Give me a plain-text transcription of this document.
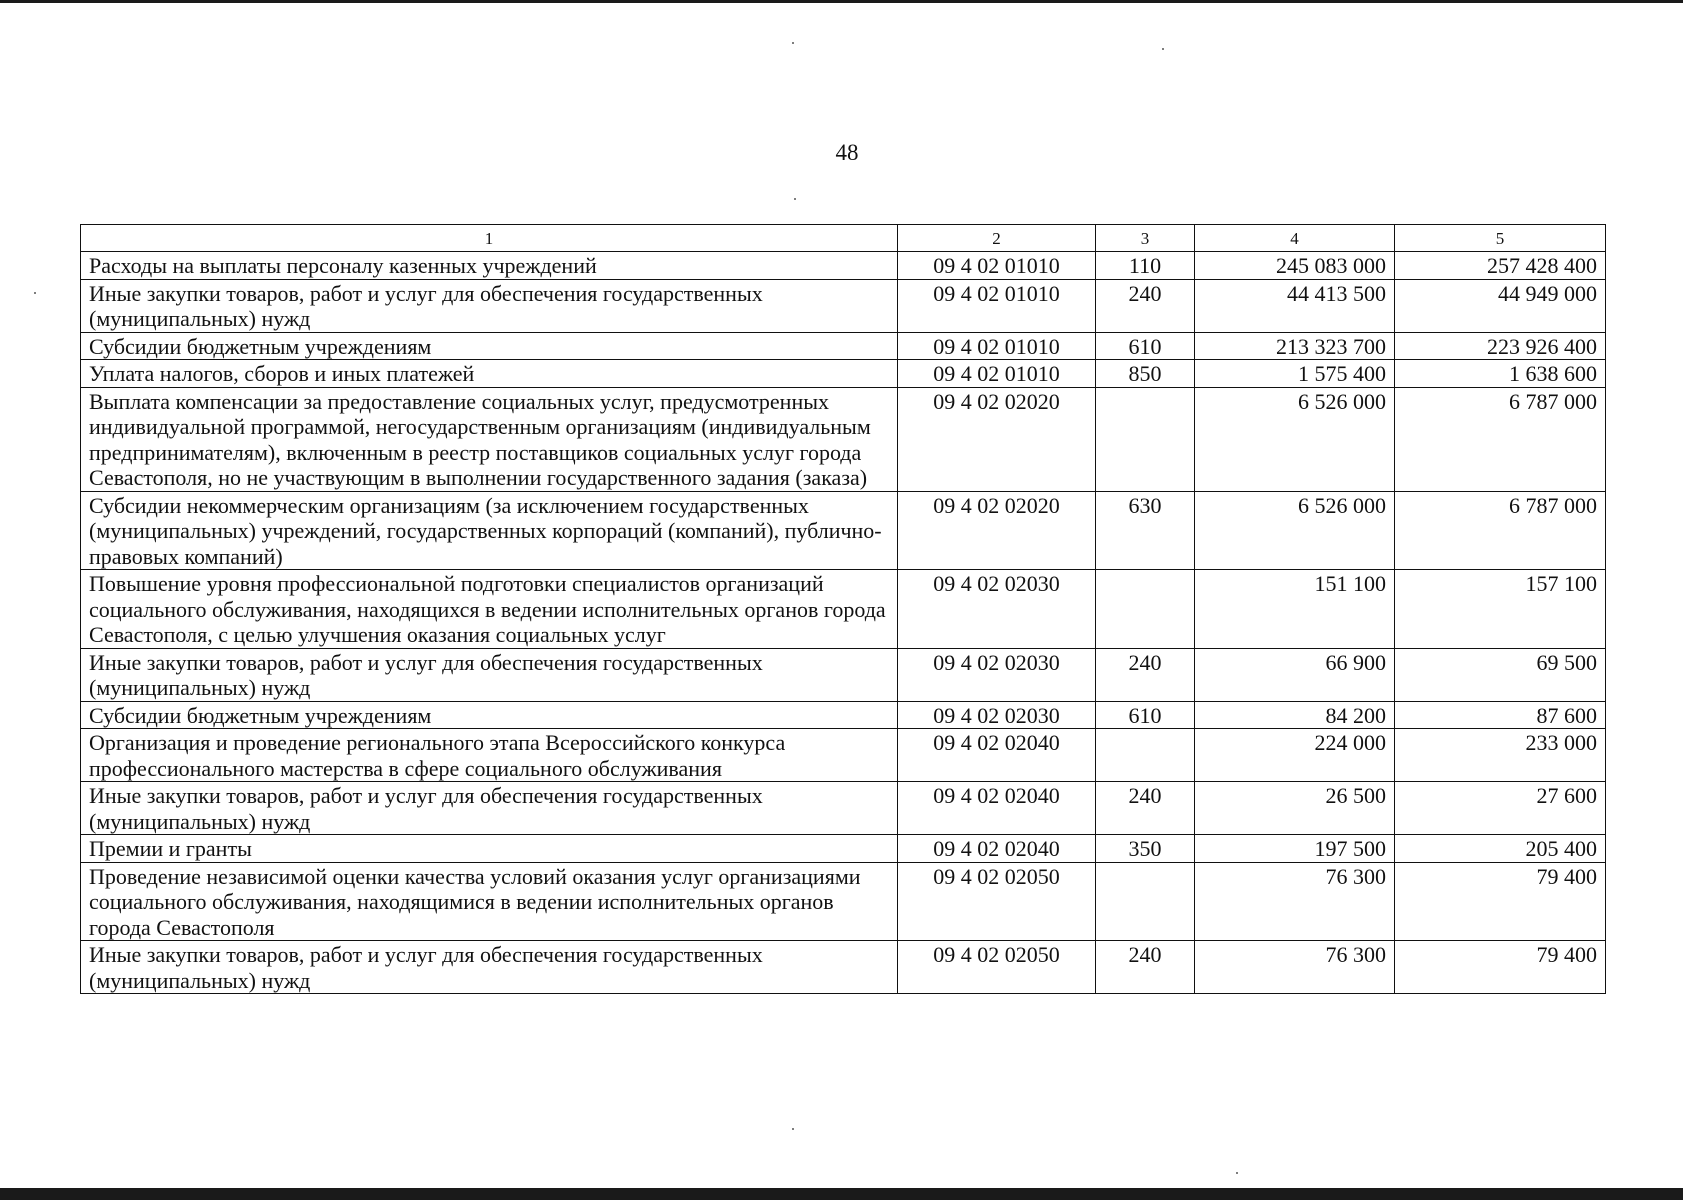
48
1	2	3	4	5
Расходы на выплаты персоналу казенных учреждений	09 4 02 01010	110	245 083 000	257 428 400
Иные закупки товаров, работ и услуг для обеспечения государственных (муниципальных) нужд	09 4 02 01010	240	44 413 500	44 949 000
Субсидии бюджетным учреждениям	09 4 02 01010	610	213 323 700	223 926 400
Уплата налогов, сборов и иных платежей	09 4 02 01010	850	1 575 400	1 638 600
Выплата компенсации за предоставление социальных услуг, предусмотренных индивидуальной программой, негосударственным организациям (индивидуальным предпринимателям), включенным в реестр поставщиков социальных услуг города Севастополя, но не участвующим в выполнении государственного задания (заказа)	09 4 02 02020		6 526 000	6 787 000
Субсидии некоммерческим организациям (за исключением государственных (муниципальных) учреждений, государственных корпораций (компаний), публично-правовых компаний)	09 4 02 02020	630	6 526 000	6 787 000
Повышение уровня профессиональной подготовки специалистов организаций социального обслуживания, находящихся в ведении исполнительных органов города Севастополя, с целью улучшения оказания социальных услуг	09 4 02 02030		151 100	157 100
Иные закупки товаров, работ и услуг для обеспечения государственных (муниципальных) нужд	09 4 02 02030	240	66 900	69 500
Субсидии бюджетным учреждениям	09 4 02 02030	610	84 200	87 600
Организация и проведение регионального этапа Всероссийского конкурса профессионального мастерства в сфере социального обслуживания	09 4 02 02040		224 000	233 000
Иные закупки товаров, работ и услуг для обеспечения государственных (муниципальных) нужд	09 4 02 02040	240	26 500	27 600
Премии и гранты	09 4 02 02040	350	197 500	205 400
Проведение независимой оценки качества условий оказания услуг организациями социального обслуживания, находящимися в ведении исполнительных органов города Севастополя	09 4 02 02050		76 300	79 400
Иные закупки товаров, работ и услуг для обеспечения государственных (муниципальных) нужд	09 4 02 02050	240	76 300	79 400
